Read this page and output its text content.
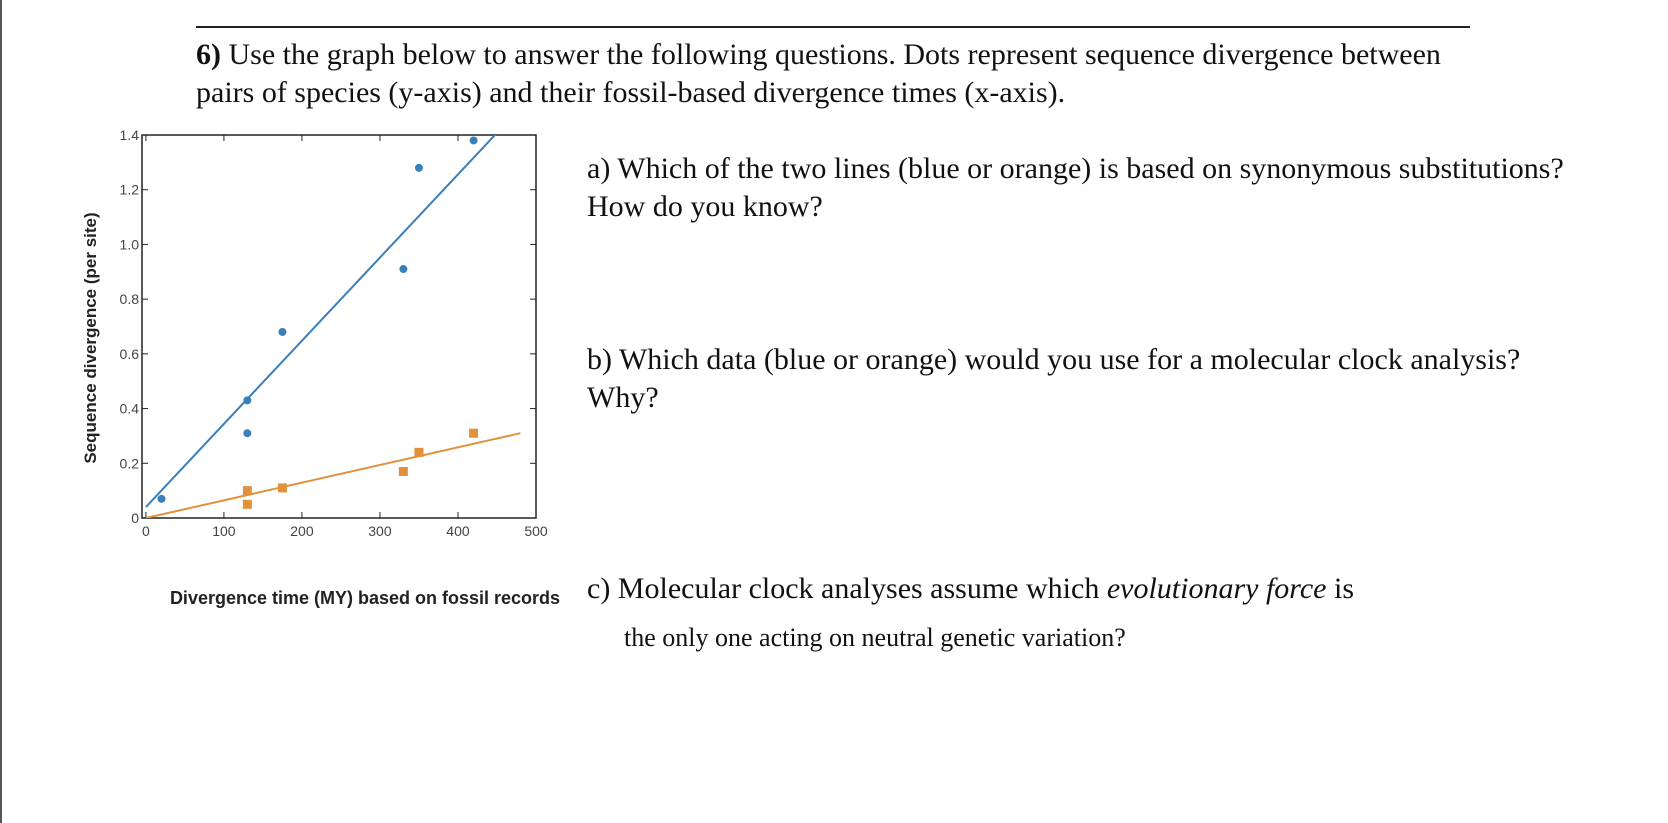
6) Use the graph below to answer the following questions. Dots represent sequence divergence between pairs of species (y-axis) and their fossil-based divergence times (x-axis).
a) Which of the two lines (blue or orange) is based on synonymous substitutions? How do you know?
b) Which data (blue or orange) would you use for a molecular clock analysis? Why?
c) Molecular clock analyses assume which evolutionary force is
the only one acting on neutral genetic variation?
0	100	200	300	400	500
0
0.2
0.4
0.6
0.8
1.0
1.2
1.4
Divergence time (MY) based on fossil records
Sequence divergence (per site)
